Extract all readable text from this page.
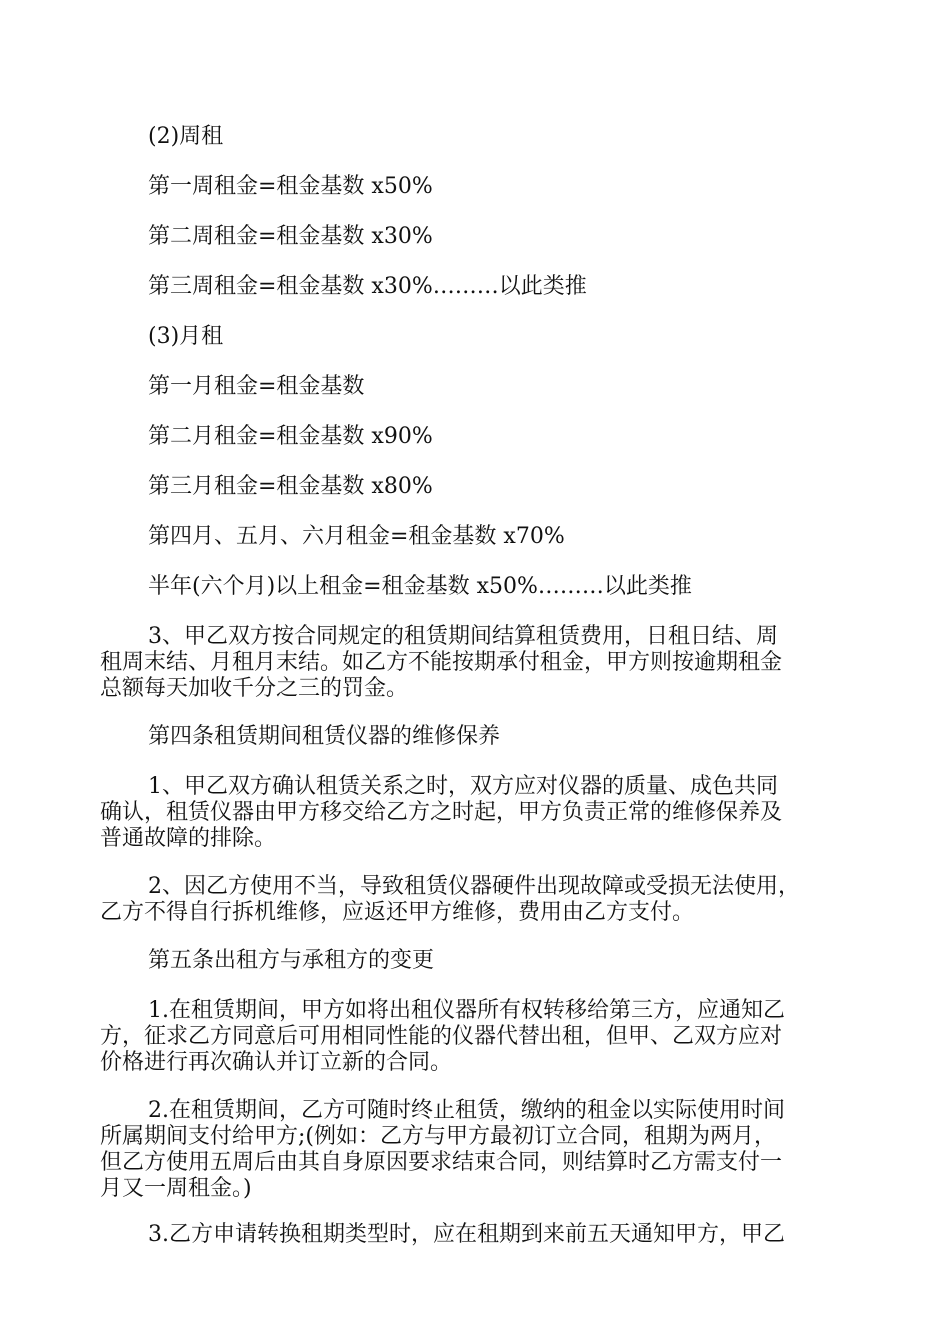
(2)周租
第一周租金=租金基数 x50%
第二周租金=租金基数 x30%
第三周租金=租金基数 x30%………以此类推
(3)月租
第一月租金=租金基数
第二月租金=租金基数 x90%
第三月租金=租金基数 x80%
第四月、五月、六月租金=租金基数 x70%
半年(六个月)以上租金=租金基数 x50%………以此类推
3、甲乙双方按合同规定的租赁期间结算租赁费用，日租日结、周
租周末结、月租月末结。如乙方不能按期承付租金，甲方则按逾期租金
总额每天加收千分之三的罚金。
第四条租赁期间租赁仪器的维修保养
1、甲乙双方确认租赁关系之时，双方应对仪器的质量、成色共同
确认，租赁仪器由甲方移交给乙方之时起，甲方负责正常的维修保养及
普通故障的排除。
2、因乙方使用不当，导致租赁仪器硬件出现故障或受损无法使用，
乙方不得自行拆机维修，应返还甲方维修，费用由乙方支付。
第五条出租方与承租方的变更
1.在租赁期间，甲方如将出租仪器所有权转移给第三方，应通知乙
方，征求乙方同意后可用相同性能的仪器代替出租，但甲、乙双方应对
价格进行再次确认并订立新的合同。
2.在租赁期间，乙方可随时终止租赁，缴纳的租金以实际使用时间
所属期间支付给甲方;(例如：乙方与甲方最初订立合同，租期为两月，
但乙方使用五周后由其自身原因要求结束合同，则结算时乙方需支付一
月又一周租金。)
3.乙方申请转换租期类型时，应在租期到来前五天通知甲方，甲乙
